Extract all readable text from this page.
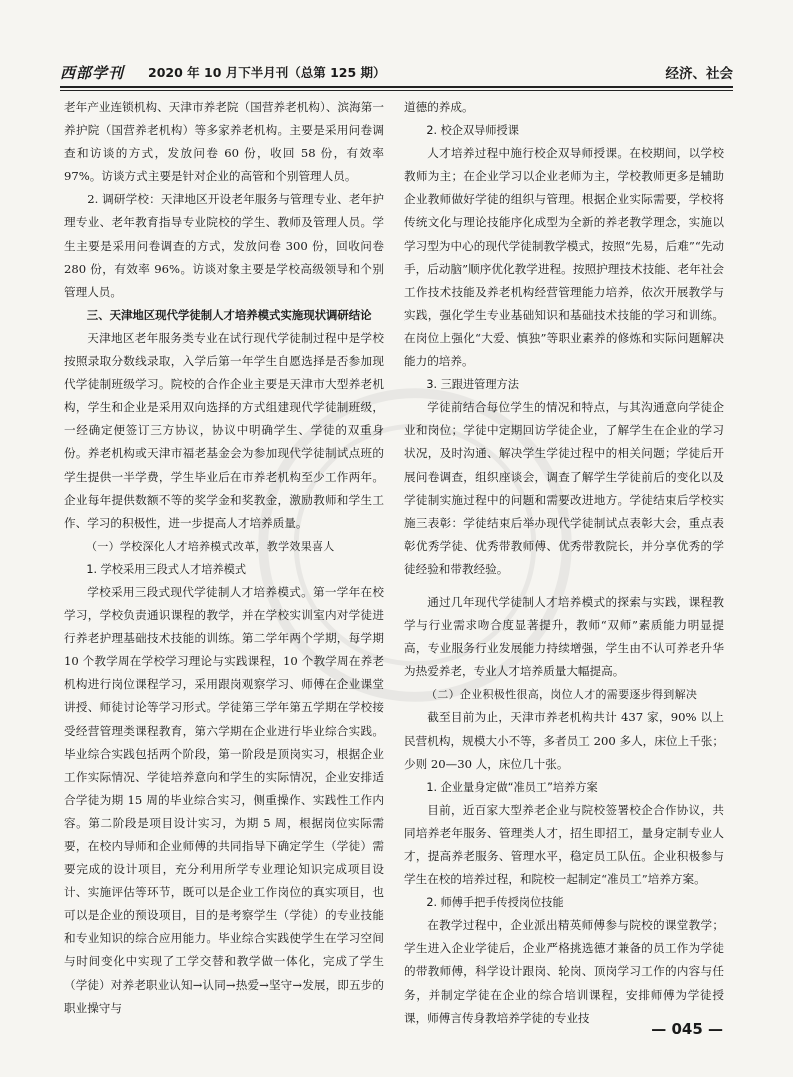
西部学刊 2020 年 10 月下半月刊（总第 125 期）	经济、社会

老年产业连锁机构、天津市养老院（国营养老机构）、滨海第一养护院（国营养老机构）等多家养老机构。主要是采用问卷调查和访谈的方式，发放问卷 60 份，收回 58 份，有效率 97%。访谈方式主要是针对企业的高管和个别管理人员。

2. 调研学校：天津地区开设老年服务与管理专业、老年护理专业、老年教育指导专业院校的学生、教师及管理人员。学生主要是采用问卷调查的方式，发放问卷 300 份，回收问卷 280 份，有效率 96%。访谈对象主要是学校高级领导和个别管理人员。

三、天津地区现代学徒制人才培养模式实施现状调研结论

天津地区老年服务类专业在试行现代学徒制过程中是学校按照录取分数线录取，入学后第一年学生自愿选择是否参加现代学徒制班级学习。院校的合作企业主要是天津市大型养老机构，学生和企业是采用双向选择的方式组建现代学徒制班级，一经确定便签订三方协议，协议中明确学生、学徒的双重身份。养老机构或天津市福老基金会为参加现代学徒制试点班的学生提供一半学费，学生毕业后在市养老机构至少工作两年。企业每年提供数额不等的奖学金和奖教金，激励教师和学生工作、学习的积极性，进一步提高人才培养质量。

（一）学校深化人才培养模式改革，教学效果喜人

1. 学校采用三段式人才培养模式

学校采用三段式现代学徒制人才培养模式。第一学年在校学习，学校负责通识课程的教学，并在学校实训室内对学徒进行养老护理基础技术技能的训练。第二学年两个学期，每学期 10 个教学周在学校学习理论与实践课程，10 个教学周在养老机构进行岗位课程学习，采用跟岗观察学习、师傅在企业课堂讲授、师徒讨论等学习形式。学徒第三学年第五学期在学校接受经营管理类课程教育，第六学期在企业进行毕业综合实践。毕业综合实践包括两个阶段，第一阶段是顶岗实习，根据企业工作实际情况、学徒培养意向和学生的实际情况，企业安排适合学徒为期 15 周的毕业综合实习，侧重操作、实践性工作内容。第二阶段是项目设计实习，为期 5 周，根据岗位实际需要，在校内导师和企业师傅的共同指导下确定学生（学徒）需要完成的设计项目，充分利用所学专业理论知识完成项目设计、实施评估等环节，既可以是企业工作岗位的真实项目，也可以是企业的预设项目，目的是考察学生（学徒）的专业技能和专业知识的综合应用能力。毕业综合实践使学生在学习空间与时间变化中实现了工学交替和教学做一体化，完成了学生（学徒）对养老职业认知→认同→热爱→坚守→发展，即五步的职业操守与

道德的养成。

2. 校企双导师授课

人才培养过程中施行校企双导师授课。在校期间，以学校教师为主；在企业学习以企业老师为主，学校教师更多是辅助企业教师做好学徒的组织与管理。根据企业实际需要，学校将传统文化与理论技能序化成型为全新的养老教学理念，实施以学习型为中心的现代学徒制教学模式，按照“先易，后难”“先动手，后动脑”顺序优化教学进程。按照护理技术技能、老年社会工作技术技能及养老机构经营管理能力培养，依次开展教学与实践，强化学生专业基础知识和基础技术技能的学习和训练。在岗位上强化“大爱、慎独”等职业素养的修炼和实际问题解决能力的培养。

3. 三跟进管理方法

学徒前结合每位学生的情况和特点，与其沟通意向学徒企业和岗位；学徒中定期回访学徒企业，了解学生在企业的学习状况，及时沟通、解决学生学徒过程中的相关问题；学徒后开展问卷调查，组织座谈会，调查了解学生学徒前后的变化以及学徒制实施过程中的问题和需要改进地方。学徒结束后学校实施三表彰：学徒结束后举办现代学徒制试点表彰大会，重点表彰优秀学徒、优秀带教师傅、优秀带教院长，并分享优秀的学徒经验和带教经验。

通过几年现代学徒制人才培养模式的探索与实践，课程教学与行业需求吻合度显著提升，教师“双师”素质能力明显提高，专业服务行业发展能力持续增强，学生由不认可养老升华为热爱养老，专业人才培养质量大幅提高。

（二）企业积极性很高，岗位人才的需要逐步得到解决

截至目前为止，天津市养老机构共计 437 家，90% 以上民营机构，规模大小不等，多者员工 200 多人，床位上千张；少则 20—30 人，床位几十张。

1. 企业量身定做“准员工”培养方案

目前，近百家大型养老企业与院校签署校企合作协议，共同培养老年服务、管理类人才，招生即招工，量身定制专业人才，提高养老服务、管理水平，稳定员工队伍。企业积极参与学生在校的培养过程，和院校一起制定“准员工”培养方案。

2. 师傅手把手传授岗位技能

在教学过程中，企业派出精英师傅参与院校的课堂教学；学生进入企业学徒后，企业严格挑选德才兼备的员工作为学徒的带教师傅，科学设计跟岗、轮岗、顶岗学习工作的内容与任务，并制定学徒在企业的综合培训课程，安排师傅为学徒授课，师傅言传身教培养学徒的专业技

— 045 —
